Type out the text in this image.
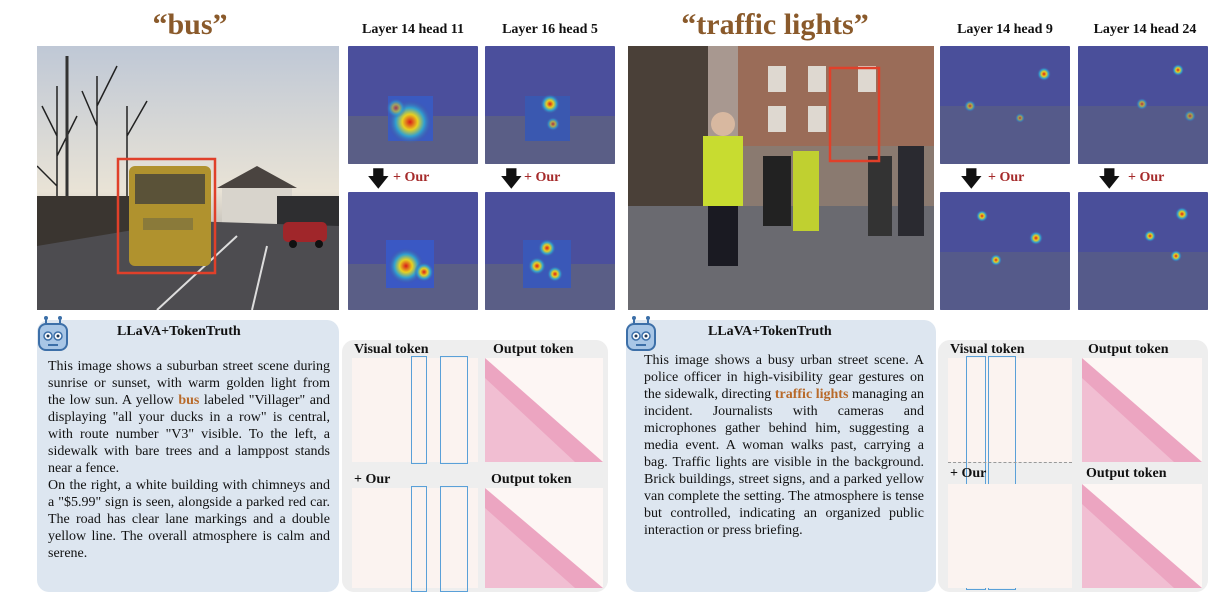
“bus”	Layer 14 head 11	Layer 16 head 5
🡇 + Our	🡇 + Our
LLaVA+TokenTruth
This image shows a suburban street scene during sunrise or sunset, with warm golden light from the low sun. A yellow bus labeled "Villager" and displaying "all your ducks in a row" is central, with route number "V3" visible. To the left, a sidewalk with bare trees and a lamppost stands near a fence.
On the right, a white building with chimneys and a "$5.99" sign is seen, alongside a parked red car. The road has clear lane markings and a double yellow line. The overall atmosphere is calm and serene.
Visual token	Output token
+ Our	Output token
“traffic lights”	Layer 14 head 9	Layer 14 head 24
🡇 + Our	🡇 + Our
LLaVA+TokenTruth
This image shows a busy urban street scene. A police officer in high-visibility gear gestures on the sidewalk, directing traffic lights managing an incident. Journalists with cameras and microphones gather behind him, suggesting a media event. A woman walks past, carrying a bag. Traffic lights are visible in the background. Brick buildings, street signs, and a parked yellow van complete the setting. The atmosphere is tense but controlled, indicating an organized public interaction or press briefing.
Visual token	Output token
+ Our	Output token
